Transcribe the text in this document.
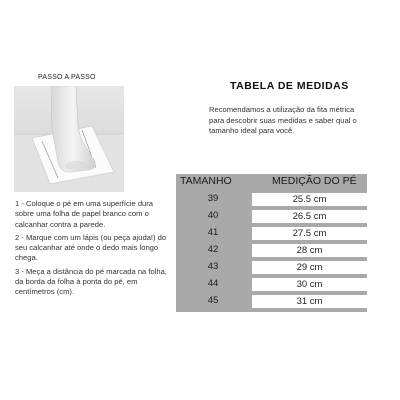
PASSO A PASSO

1 - Coloque o pé em uma superfície dura sobre uma folha de papel branco com o calcanhar contra a parede.

2 - Marque com um lápis (ou peça ajuda!) do seu calcanhar até onde o dedo mais longo chega.

3 - Meça a distância do pé marcada na folha, da borda da folha à ponta do pé, em centímetros (cm).

TABELA DE MEDIDAS
Recomendamos a utilização da fita métrica para descobrir suas medidas e saber qual o tamanho ideal para você.
TAMANHO	MEDIÇÃO DO PÉ
39	25.5 cm
40	26.5 cm
41	27.5 cm
42	28 cm
43	29 cm
44	30 cm
45	31 cm
